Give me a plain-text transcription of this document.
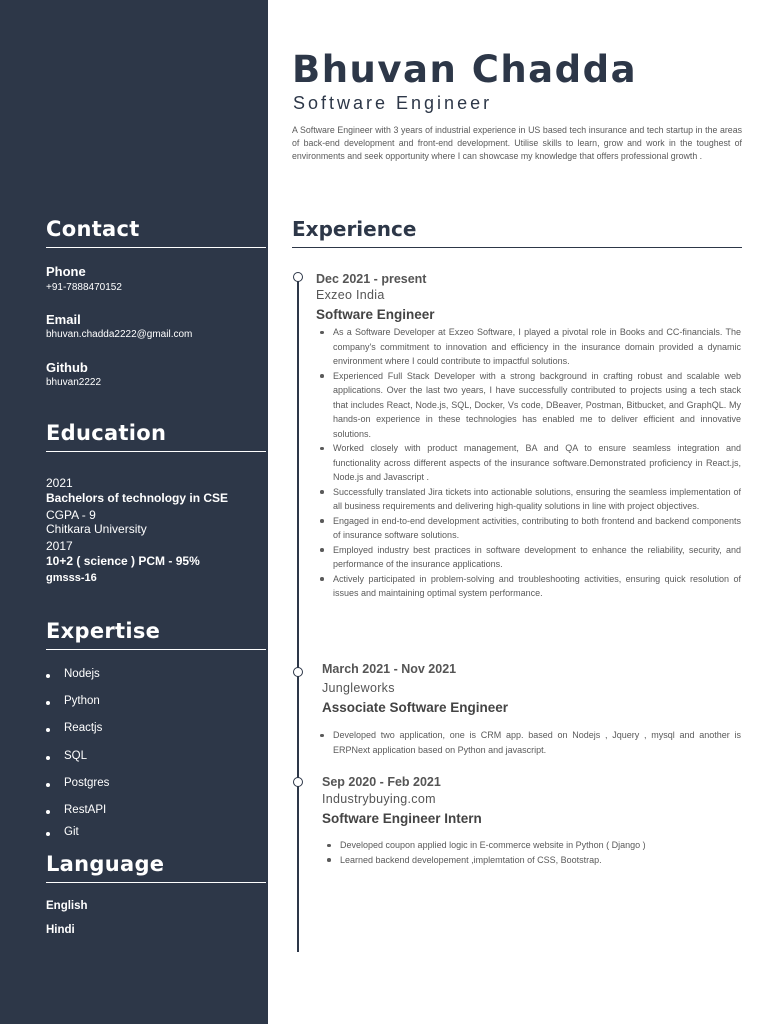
Contact
Phone
+91-7888470152
Email
bhuvan.chadda2222@gmail.com
Github
bhuvan2222
Education
2021
Bachelors of technology in CSE
CGPA - 9
Chitkara University
2017
10+2 ( science ) PCM - 95%
gmsss-16
Expertise
Nodejs
Python
Reactjs
SQL
Postgres
RestAPI
Git
Language
English
Hindi
Bhuvan Chadda
Software Engineer
A Software Engineer with 3 years of industrial experience in US based tech insurance and tech startup in the areas of back-end development and front-end development. Utilise skills to learn, grow and work in the toughest of environments and seek opportunity where I can showcase my knowledge that offers professional growth .
Experience
Dec 2021 - present
Exzeo India
Software Engineer
As a Software Developer at Exzeo Software, I played a pivotal role in Books and CC-financials. The company's commitment to innovation and efficiency in the insurance domain provided a dynamic environment where I could contribute to impactful solutions.
Experienced Full Stack Developer with a strong background in crafting robust and scalable web applications. Over the last two years, I have successfully contributed to projects using a tech stack that includes React, Node.js, SQL, Docker, Vs code, DBeaver, Postman, Bitbucket, and GraphQL. My hands-on experience in these technologies has enabled me to deliver efficient and innovative solutions.
Worked closely with product management, BA and QA to ensure seamless integration and functionality across different aspects of the insurance software.Demonstrated proficiency in React.js, Node.js and Javascript .
Successfully translated Jira tickets into actionable solutions, ensuring the seamless implementation of all business requirements and delivering high-quality solutions in line with project objectives.
Engaged in end-to-end development activities, contributing to both frontend and backend components of insurance software solutions.
Employed industry best practices in software development to enhance the reliability, security, and performance of the insurance applications.
Actively participated in problem-solving and troubleshooting activities, ensuring quick resolution of issues and maintaining optimal system performance.
March 2021 - Nov 2021
Jungleworks
Associate Software Engineer
Developed two application, one is CRM app. based on Nodejs , Jquery , mysql and another is ERPNext application based on Python and javascript.
Sep 2020 - Feb 2021
Industrybuying.com
Software Engineer Intern
Developed coupon applied logic in E-commerce website in Python ( Django )
Learned backend developement ,implemtation of CSS, Bootstrap.
